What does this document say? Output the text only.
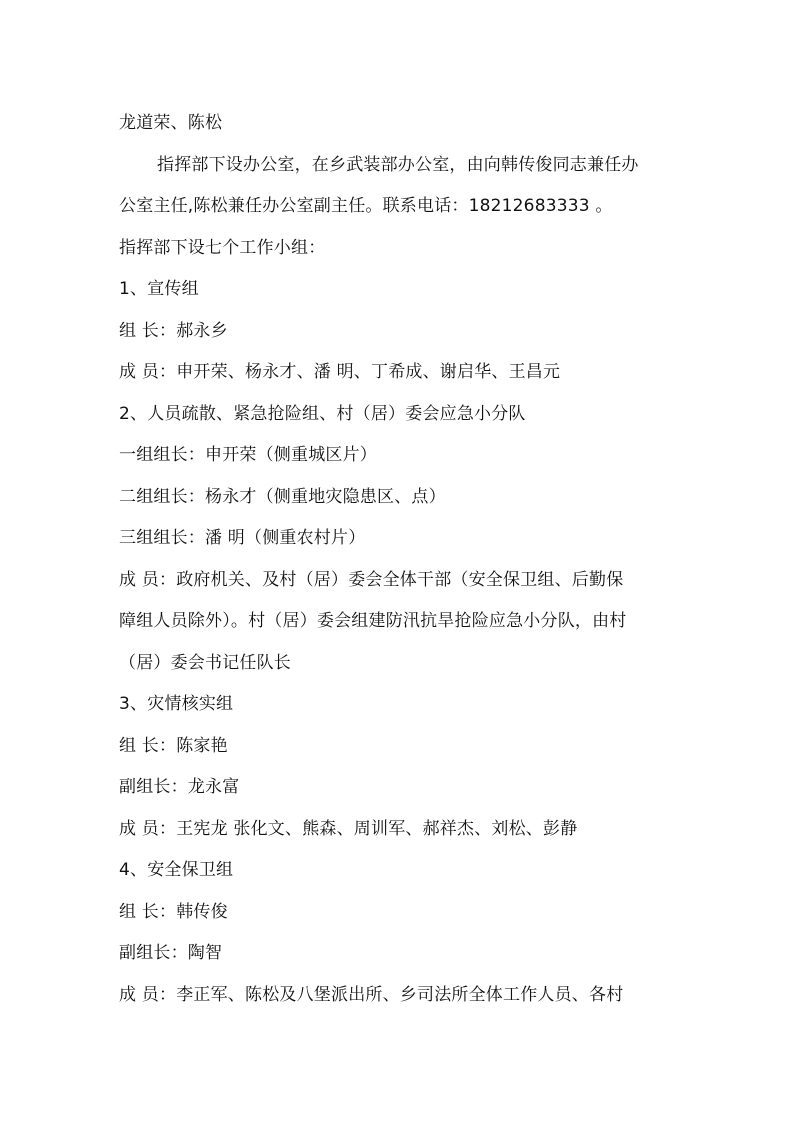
龙道荣、陈松
指挥部下设办公室，在乡武装部办公室，由向韩传俊同志兼任办
公室主任,陈松兼任办公室副主任。联系电话：18212683333 。
指挥部下设七个工作小组：
1、宣传组
组 长：郝永乡
成 员：申开荣、杨永才、潘 明、丁希成、谢启华、王昌元
2、人员疏散、紧急抢险组、村（居）委会应急小分队
一组组长：申开荣（侧重城区片）
二组组长：杨永才（侧重地灾隐患区、点）
三组组长：潘 明（侧重农村片）
成 员：政府机关、及村（居）委会全体干部（安全保卫组、后勤保
障组人员除外）。村（居）委会组建防汛抗旱抢险应急小分队，由村
（居）委会书记任队长
3、灾情核实组
组 长：陈家艳
副组长：龙永富
成 员：王宪龙 张化文、熊森、周训军、郝祥杰、刘松、彭静
4、安全保卫组
组 长：韩传俊
副组长：陶智
成 员：李正军、陈松及八堡派出所、乡司法所全体工作人员、各村
